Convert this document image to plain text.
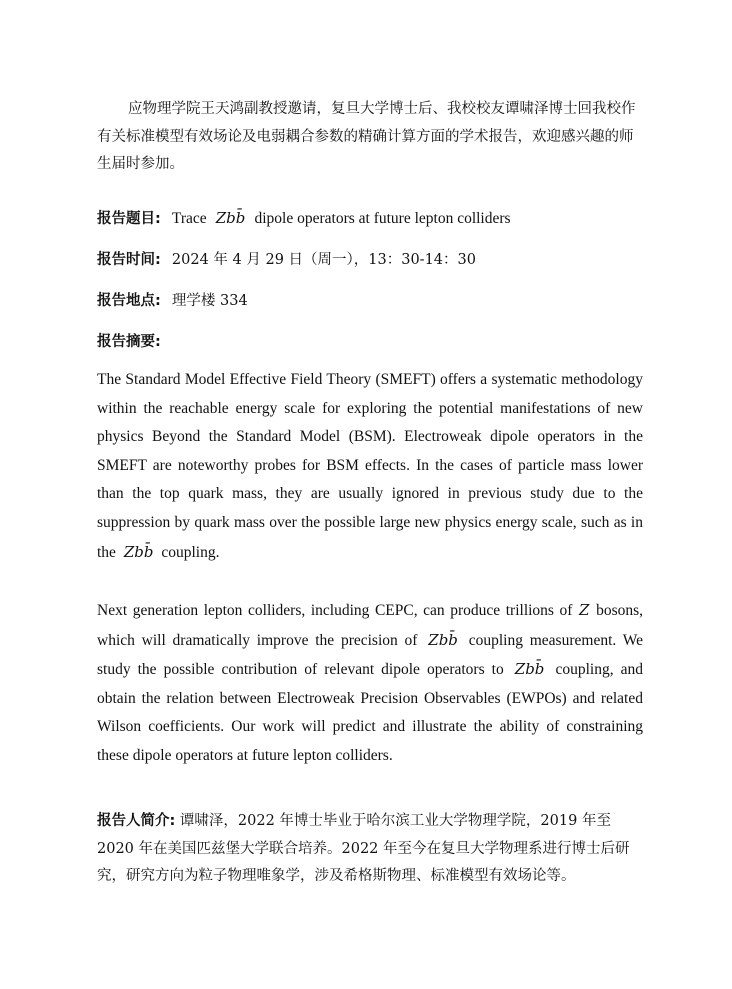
应物理学院王天鸿副教授邀请，复旦大学博士后、我校校友谭啸泽博士回我校作有关标准模型有效场论及电弱耦合参数的精确计算方面的学术报告，欢迎感兴趣的师生届时参加。

报告题目: Trace Zbb̄ dipole operators at future lepton colliders
报告时间: 2024 年 4 月 29 日（周一），13：30-14：30
报告地点: 理学楼 334
报告摘要:

The Standard Model Effective Field Theory (SMEFT) offers a systematic methodology within the reachable energy scale for exploring the potential manifestations of new physics Beyond the Standard Model (BSM). Electroweak dipole operators in the SMEFT are noteworthy probes for BSM effects. In the cases of particle mass lower than the top quark mass, they are usually ignored in previous study due to the suppression by quark mass over the possible large new physics energy scale, such as in the Zbb̄ coupling.

Next generation lepton colliders, including CEPC, can produce trillions of Z bosons, which will dramatically improve the precision of Zbb̄ coupling measurement. We study the possible contribution of relevant dipole operators to Zbb̄ coupling, and obtain the relation between Electroweak Precision Observables (EWPOs) and related Wilson coefficients. Our work will predict and illustrate the ability of constraining these dipole operators at future lepton colliders.

报告人简介: 谭啸泽，2022 年博士毕业于哈尔滨工业大学物理学院，2019 年至 2020 年在美国匹兹堡大学联合培养。2022 年至今在复旦大学物理系进行博士后研究，研究方向为粒子物理唯象学，涉及希格斯物理、标准模型有效场论等。
